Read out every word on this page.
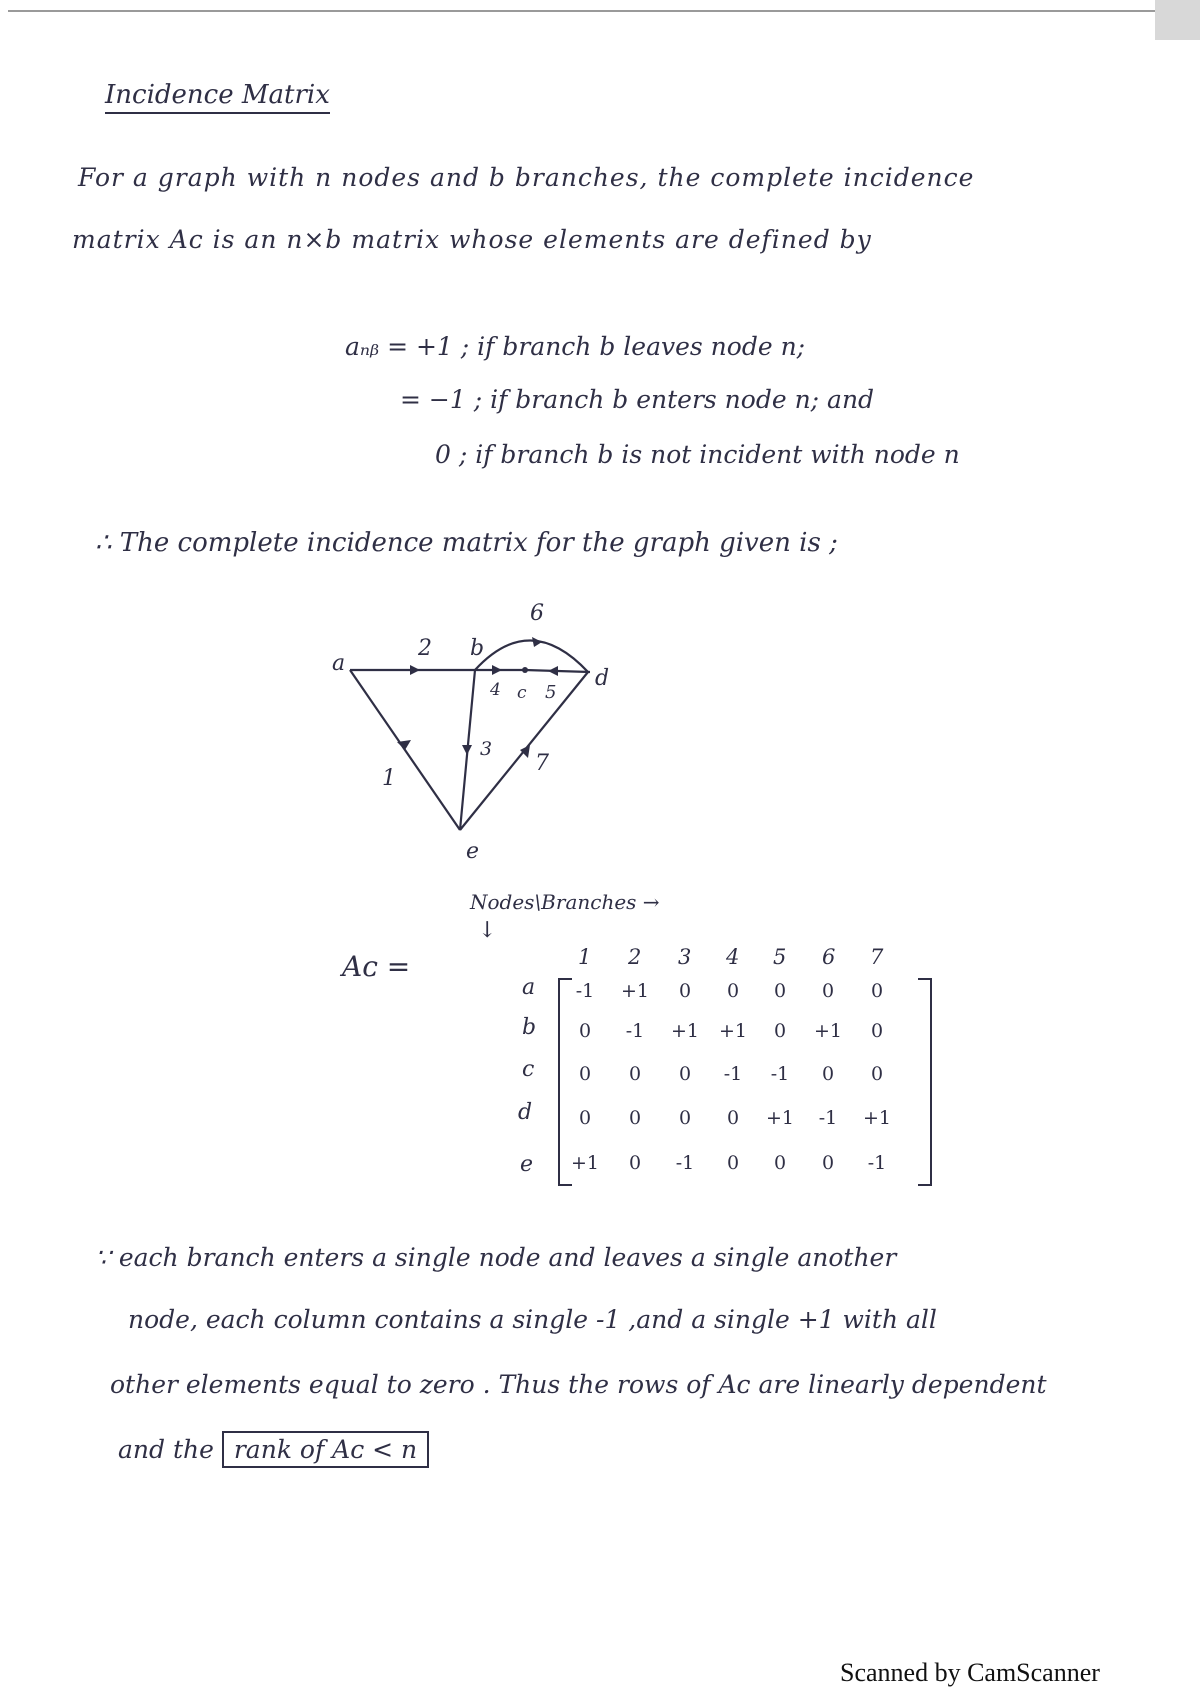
Incidence Matrix
For a graph with n nodes and b branches, the complete incidence
matrix Aᴄ is an n×b matrix whose elements are defined by
aₙᵦ = +1 ; if branch b leaves node n;
= −1 ; if branch b enters node n; and
0 ; if branch b is not incident with node n
∴ The complete incidence matrix for the graph given is ;
a
b
c
d
e
1
2
3
4 5
6
7
Nodes\Branches →
↓
Aᴄ =	1 2 3 4 5 6 7
a	-1	+1	0	0	0	0	0
b	0	-1	+1	+1	0	+1	0
c	0	0	0	-1	-1	0	0
d	0	0	0	0	+1	-1	+1
e	+1	0	-1	0	0	0	-1
∵ each branch enters a single node and leaves a single another
node, each column contains a single -1 ,and a single +1 with all
other elements equal to zero . Thus the rows of Aᴄ are linearly dependent
and the rank of Aᴄ < n
Scanned by CamScanner
